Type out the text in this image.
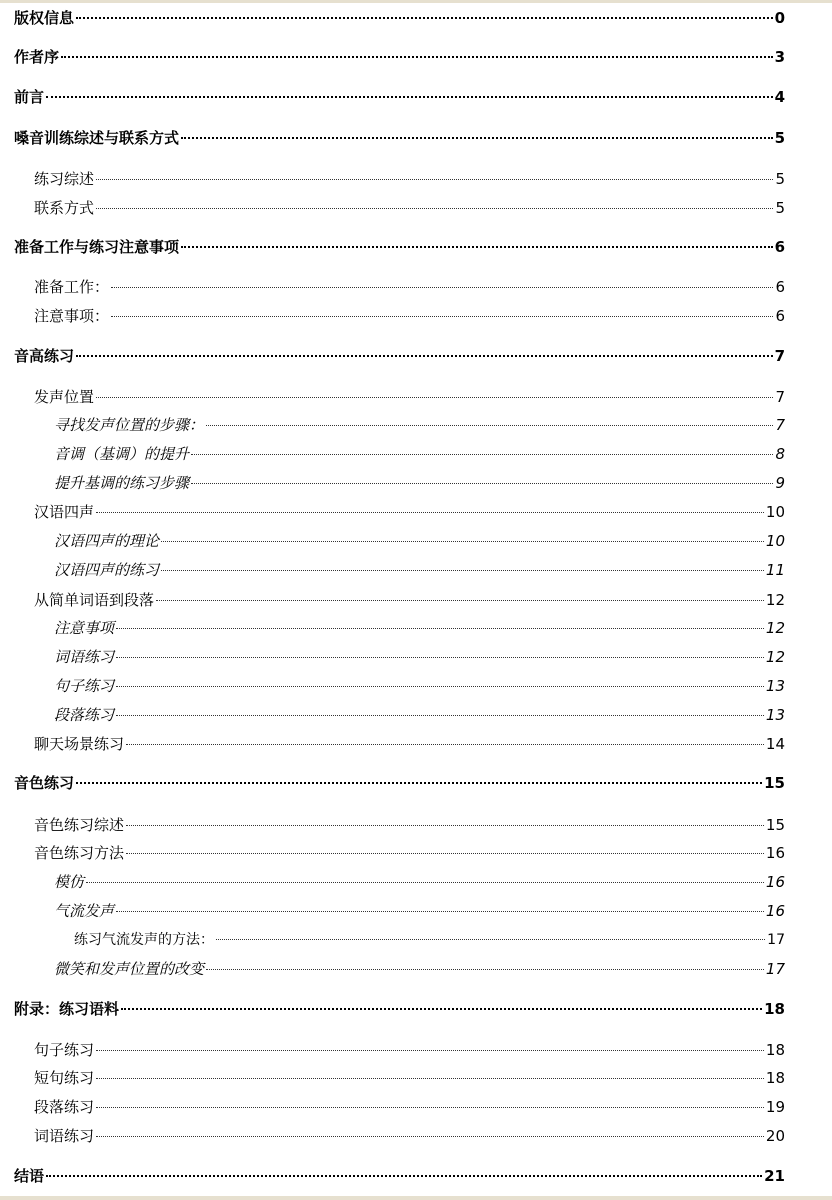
版权信息	0
作者序	3
前言	4
嗓音训练综述与联系方式	5
练习综述	5
联系方式	5
准备工作与练习注意事项	6
准备工作：	6
注意事项：	6
音高练习	7
发声位置	7
寻找发声位置的步骤：	7
音调（基调）的提升	8
提升基调的练习步骤	9
汉语四声	10
汉语四声的理论	10
汉语四声的练习	11
从简单词语到段落	12
注意事项	12
词语练习	12
句子练习	13
段落练习	13
聊天场景练习	14
音色练习	15
音色练习综述	15
音色练习方法	16
模仿	16
气流发声	16
练习气流发声的方法：	17
微笑和发声位置的改变	17
附录：练习语料	18
句子练习	18
短句练习	18
段落练习	19
词语练习	20
结语	21
